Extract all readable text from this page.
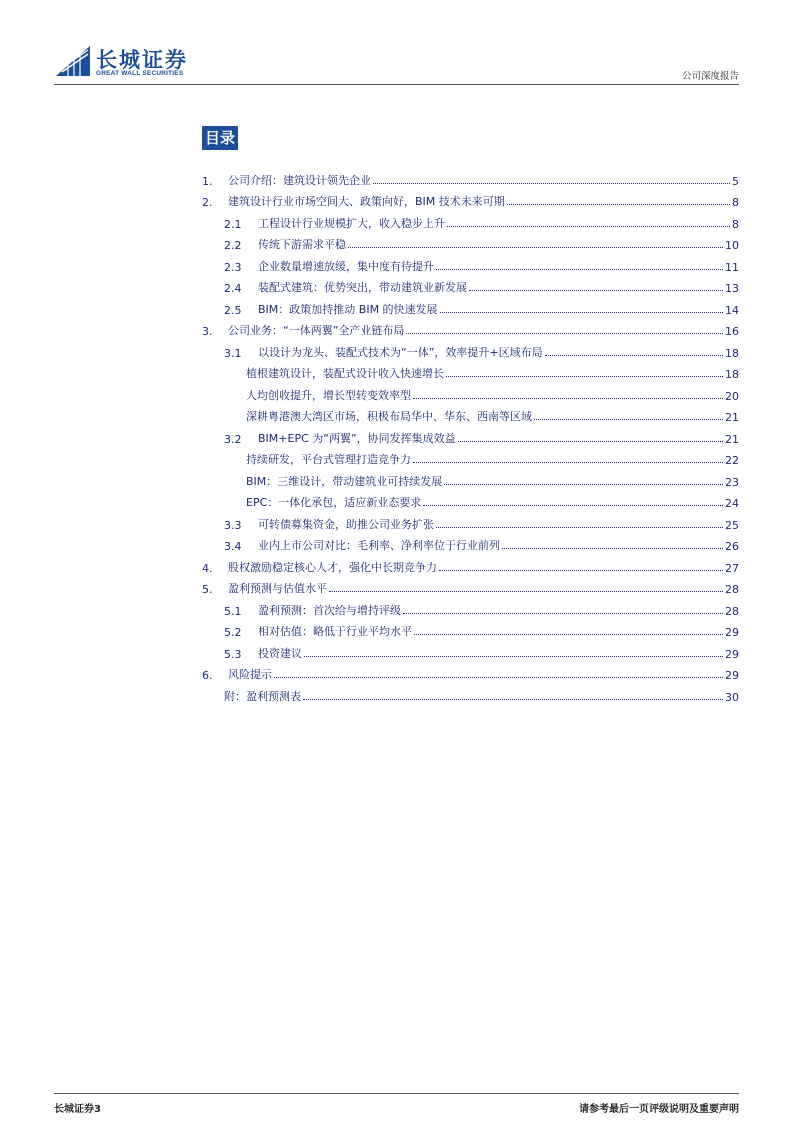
长城证券
GREAT WALL SECURITIES	公司深度报告
目录
1.	公司介绍：建筑设计领先企业	5
2.	建筑设计行业市场空间大、政策向好，BIM 技术未来可期	8
2.1	工程设计行业规模扩大，收入稳步上升	8
2.2	传统下游需求平稳	10
2.3	企业数量增速放缓，集中度有待提升	11
2.4	装配式建筑：优势突出，带动建筑业新发展	13
2.5	BIM：政策加持推动 BIM 的快速发展	14
3.	公司业务：“一体两翼”全产业链布局	16
3.1	以设计为龙头、装配式技术为“一体”，效率提升+区域布局	18
植根建筑设计，装配式设计收入快速增长	18
人均创收提升，增长型转变效率型	20
深耕粤港澳大湾区市场，积极布局华中、华东、西南等区域	21
3.2	BIM+EPC 为“两翼”，协同发挥集成效益	21
持续研发，平台式管理打造竞争力	22
BIM：三维设计，带动建筑业可持续发展	23
EPC：一体化承包，适应新业态要求	24
3.3	可转债募集资金，助推公司业务扩张	25
3.4	业内上市公司对比：毛利率、净利率位于行业前列	26
4.	股权激励稳定核心人才，强化中长期竞争力	27
5.	盈利预测与估值水平	28
5.1	盈利预测：首次给与增持评级	28
5.2	相对估值：略低于行业平均水平	29
5.3	投资建议	29
6.	风险提示	29
附：盈利预测表	30
长城证券3	请参考最后一页评级说明及重要声明
